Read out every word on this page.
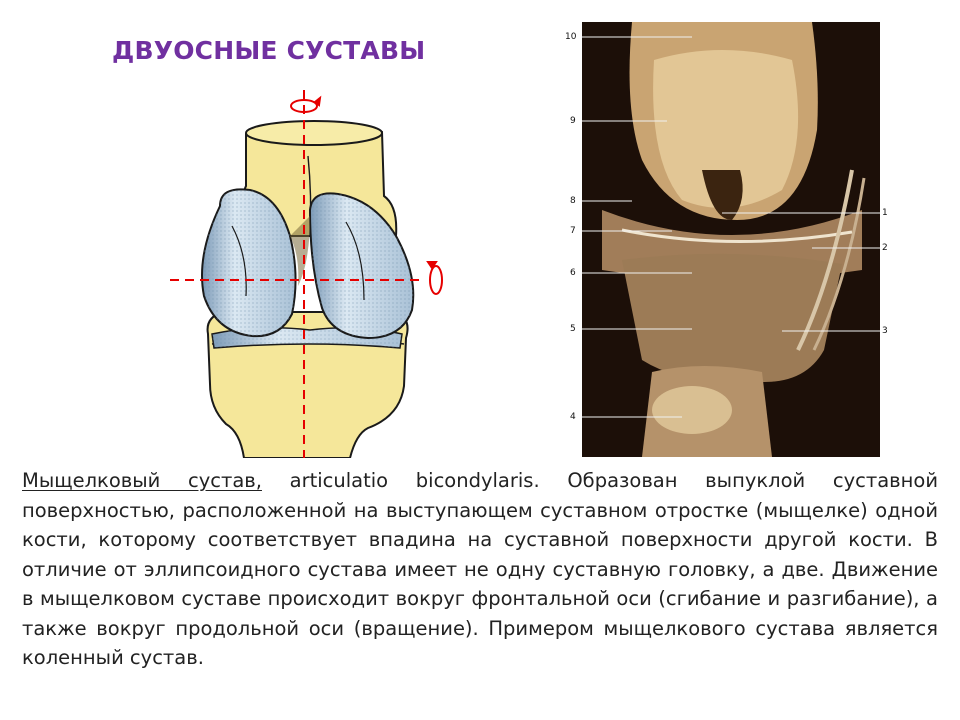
ДВУОСНЫЕ СУСТАВЫ	10
9
8
7
6
5
4
1
2
3
Мыщелковый сустав, articulatio bicondylaris. Образован выпуклой суставной поверхностью, расположенной на выступающем суставном отростке (мыщелке) одной кости, которому соответствует впадина на суставной поверхности другой кости. В отличие от эллипсоидного сустава имеет не одну суставную головку, а две. Движение в мыщелковом суставе происходит вокруг фронтальной оси (сгибание и разгибание), а также вокруг продольной оси (вращение). Примером мыщелкового сустава является коленный сустав.
